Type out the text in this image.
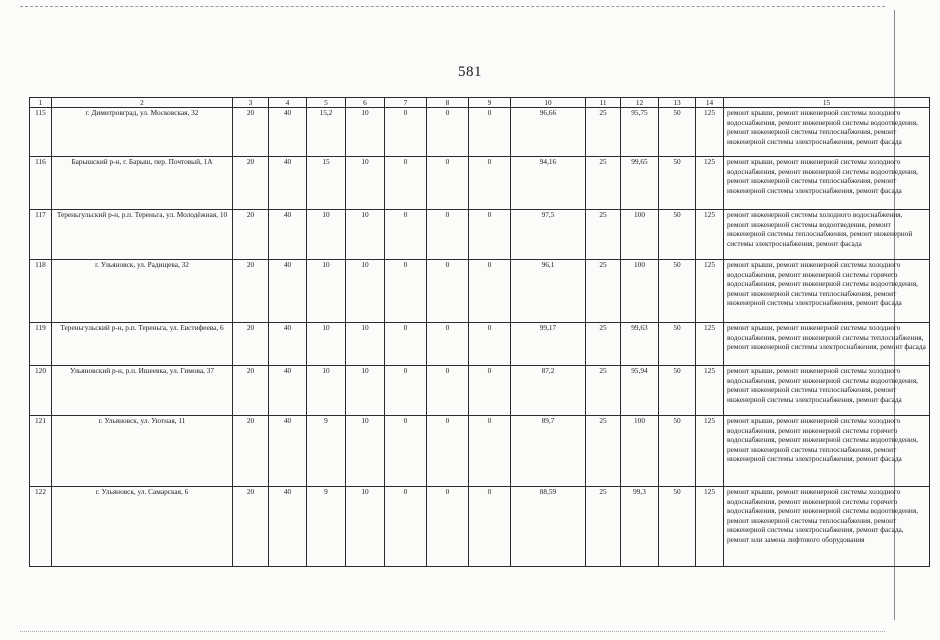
581
1	2	3	4	5	6	7	8	9	10	11	12	13	14	15
115	г. Димитровград, ул. Московская, 32	20	40	15,2	10	0	0	0	96,66	25	95,75	50	125	ремонт крыши, ремонт инженерной системы холодного водоснабжения, ремонт инженерной системы водоотведения, ремонт инженерной системы теплоснабжения, ремонт инженерной системы электроснабжения, ремонт фасада
116	Барышский р-н, г. Барыш, пер. Почтовый, 1А	20	40	15	10	0	0	0	94,16	25	99,65	50	125	ремонт крыши, ремонт инженерной системы холодного водоснабжения, ремонт инженерной системы водоотведения, ремонт инженерной системы теплоснабжения, ремонт инженерной системы электроснабжения, ремонт фасада
117	Тереньгульский р-н, р.п. Тереньга, ул. Молодёжная, 10	20	40	10	10	0	0	0	97,5	25	100	50	125	ремонт инженерной системы холодного водоснабжения, ремонт инженерной системы водоотведения, ремонт инженерной системы теплоснабжения, ремонт инженерной системы электроснабжения, ремонт фасада
118	г. Ульяновск, ул. Радищева, 32	20	40	10	10	0	0	0	96,1	25	100	50	125	ремонт крыши, ремонт инженерной системы холодного водоснабжения, ремонт инженерной системы горячего водоснабжения, ремонт инженерной системы водоотведения, ремонт инженерной системы теплоснабжения, ремонт инженерной системы электроснабжения, ремонт фасада
119	Тереньгульский р-н, р.п. Тереньга, ул. Евстифеева, 6	20	40	10	10	0	0	0	99,17	25	99,63	50	125	ремонт крыши, ремонт инженерной системы холодного водоснабжения, ремонт инженерной системы теплоснабжения, ремонт инженерной системы электроснабжения, ремонт фасада
120	Ульяновский р-н, р.п. Ишеевка, ул. Гимова, 37	20	40	10	10	0	0	0	87,2	25	95,94	50	125	ремонт крыши, ремонт инженерной системы холодного водоснабжения, ремонт инженерной системы водоотведения, ремонт инженерной системы теплоснабжения, ремонт инженерной системы электроснабжения, ремонт фасада
121	г. Ульяновск, ул. Уютная, 11	20	40	9	10	0	0	0	89,7	25	100	50	125	ремонт крыши, ремонт инженерной системы холодного водоснабжения, ремонт инженерной системы горячего водоснабжения, ремонт инженерной системы водоотведения, ремонт инженерной системы теплоснабжения, ремонт инженерной системы электроснабжения, ремонт фасада
122	г. Ульяновск, ул. Самарская, 6	20	40	9	10	0	0	0	88,59	25	99,3	50	125	ремонт крыши, ремонт инженерной системы холодного водоснабжения, ремонт инженерной системы горячего водоснабжения, ремонт инженерной системы водоотведения, ремонт инженерной системы теплоснабжения, ремонт инженерной системы электроснабжения, ремонт фасада, ремонт или замена лифтового оборудования
